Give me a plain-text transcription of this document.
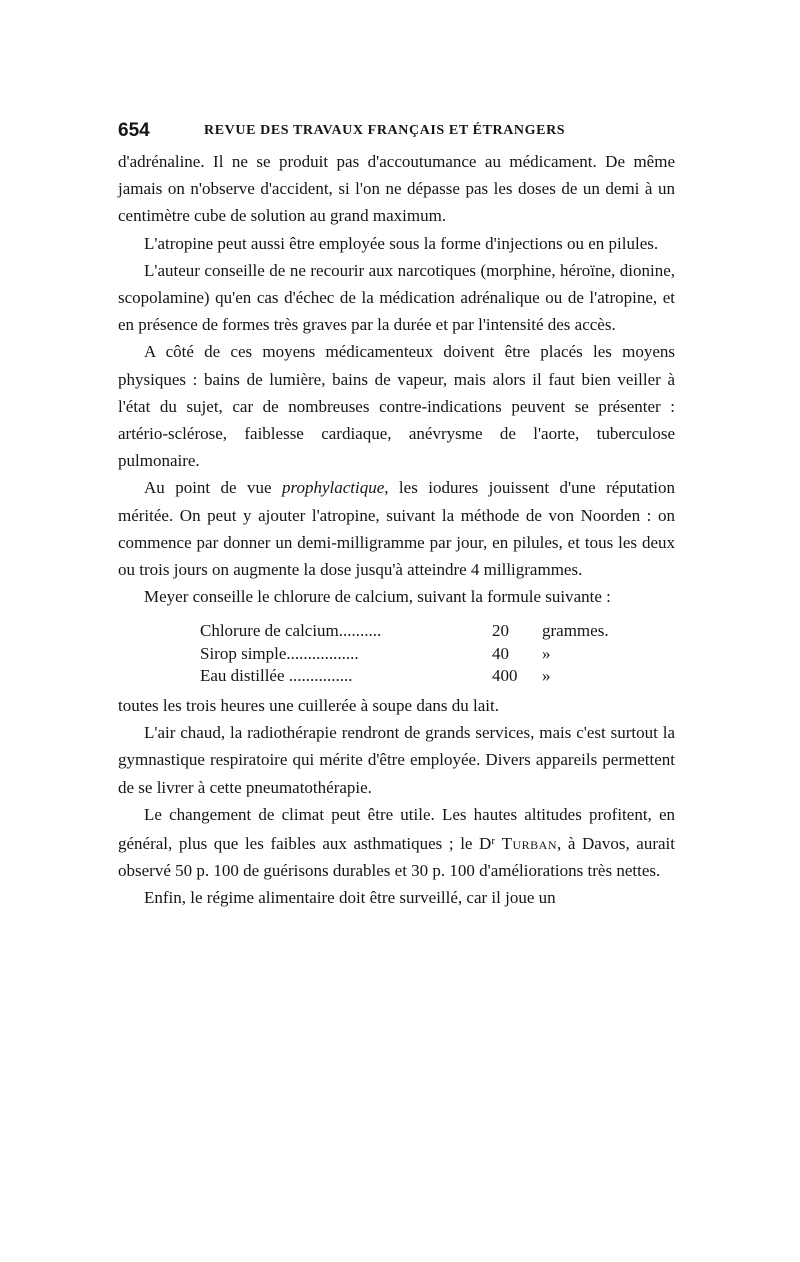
654	REVUE DES TRAVAUX FRANÇAIS ET ÉTRANGERS

d'adrénaline. Il ne se produit pas d'accoutumance au médicament. De même jamais on n'observe d'accident, si l'on ne dépasse pas les doses de un demi à un centimètre cube de solution au grand maximum.

L'atropine peut aussi être employée sous la forme d'injections ou en pilules.

L'auteur conseille de ne recourir aux narcotiques (morphine, héroïne, dionine, scopolamine) qu'en cas d'échec de la médication adrénalique ou de l'atropine, et en présence de formes très graves par la durée et par l'intensité des accès.

A côté de ces moyens médicamenteux doivent être placés les moyens physiques : bains de lumière, bains de vapeur, mais alors il faut bien veiller à l'état du sujet, car de nombreuses contre-indications peuvent se présenter : artério-sclérose, faiblesse cardiaque, anévrysme de l'aorte, tuberculose pulmonaire.

Au point de vue prophylactique, les iodures jouissent d'une réputation méritée. On peut y ajouter l'atropine, suivant la méthode de von Noorden : on commence par donner un demi-milligramme par jour, en pilules, et tous les deux ou trois jours on augmente la dose jusqu'à atteindre 4 milligrammes.

Meyer conseille le chlorure de calcium, suivant la formule suivante :

Chlorure de calcium..........	20	grammes.
Sirop simple.................	40	»
Eau distillée ...............	400	»

toutes les trois heures une cuillerée à soupe dans du lait.

L'air chaud, la radiothérapie rendront de grands services, mais c'est surtout la gymnastique respiratoire qui mérite d'être employée. Divers appareils permettent de se livrer à cette pneumatothérapie.

Le changement de climat peut être utile. Les hautes altitudes profitent, en général, plus que les faibles aux asthmatiques ; le $D^r$ Turban, à Davos, aurait observé 50 p. 100 de guérisons durables et 30 p. 100 d'améliorations très nettes.

Enfin, le régime alimentaire doit être surveillé, car il joue un
